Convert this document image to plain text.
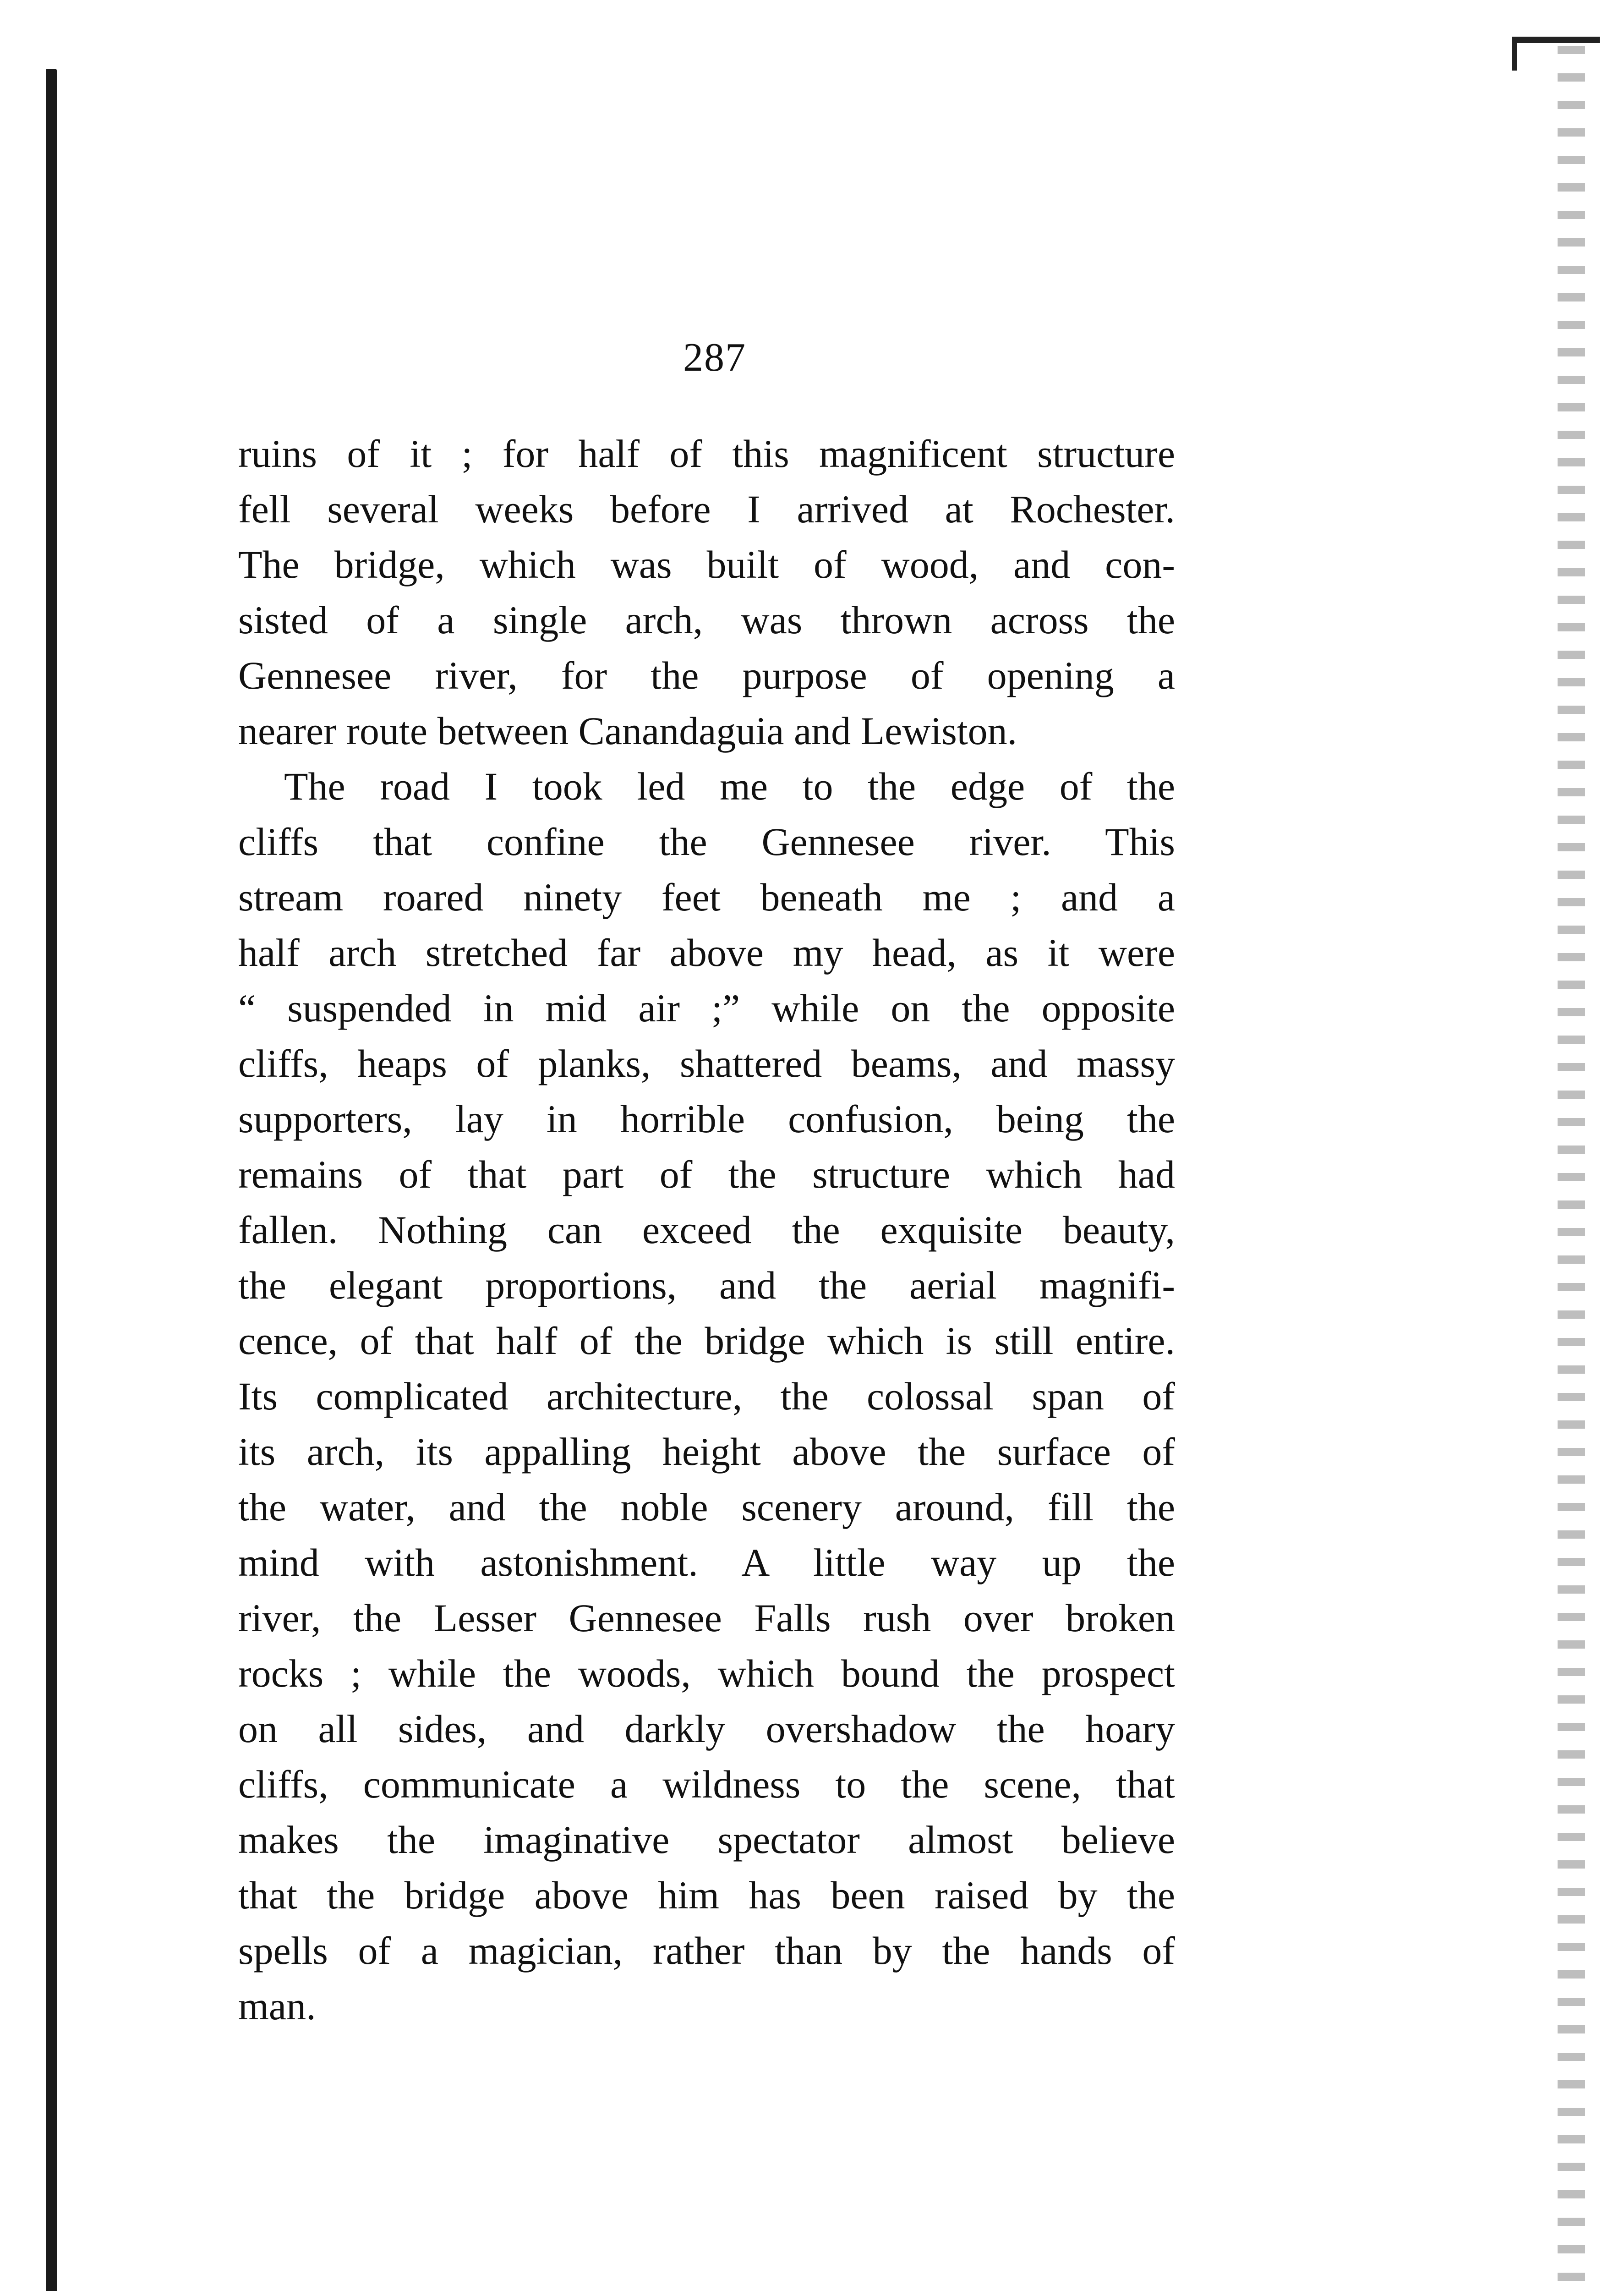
287
ruins of it ; for half of this magnificent structure
fell several weeks before I arrived at Rochester.
The bridge, which was built of wood, and con-
sisted of a single arch, was thrown across the
Gennesee river, for the purpose of opening a
nearer route between Canandaguia and Lewiston.
The road I took led me to the edge of the
cliffs that confine the Gennesee river. This
stream roared ninety feet beneath me ; and a
half arch stretched far above my head, as it were
“ suspended in mid air ;” while on the opposite
cliffs, heaps of planks, shattered beams, and massy
supporters, lay in horrible confusion, being the
remains of that part of the structure which had
fallen. Nothing can exceed the exquisite beauty,
the elegant proportions, and the aerial magnifi-
cence, of that half of the bridge which is still entire.
Its complicated architecture, the colossal span of
its arch, its appalling height above the surface of
the water, and the noble scenery around, fill the
mind with astonishment. A little way up the
river, the Lesser Gennesee Falls rush over broken
rocks ; while the woods, which bound the prospect
on all sides, and darkly overshadow the hoary
cliffs, communicate a wildness to the scene, that
makes the imaginative spectator almost believe
that the bridge above him has been raised by the
spells of a magician, rather than by the hands of
man.
